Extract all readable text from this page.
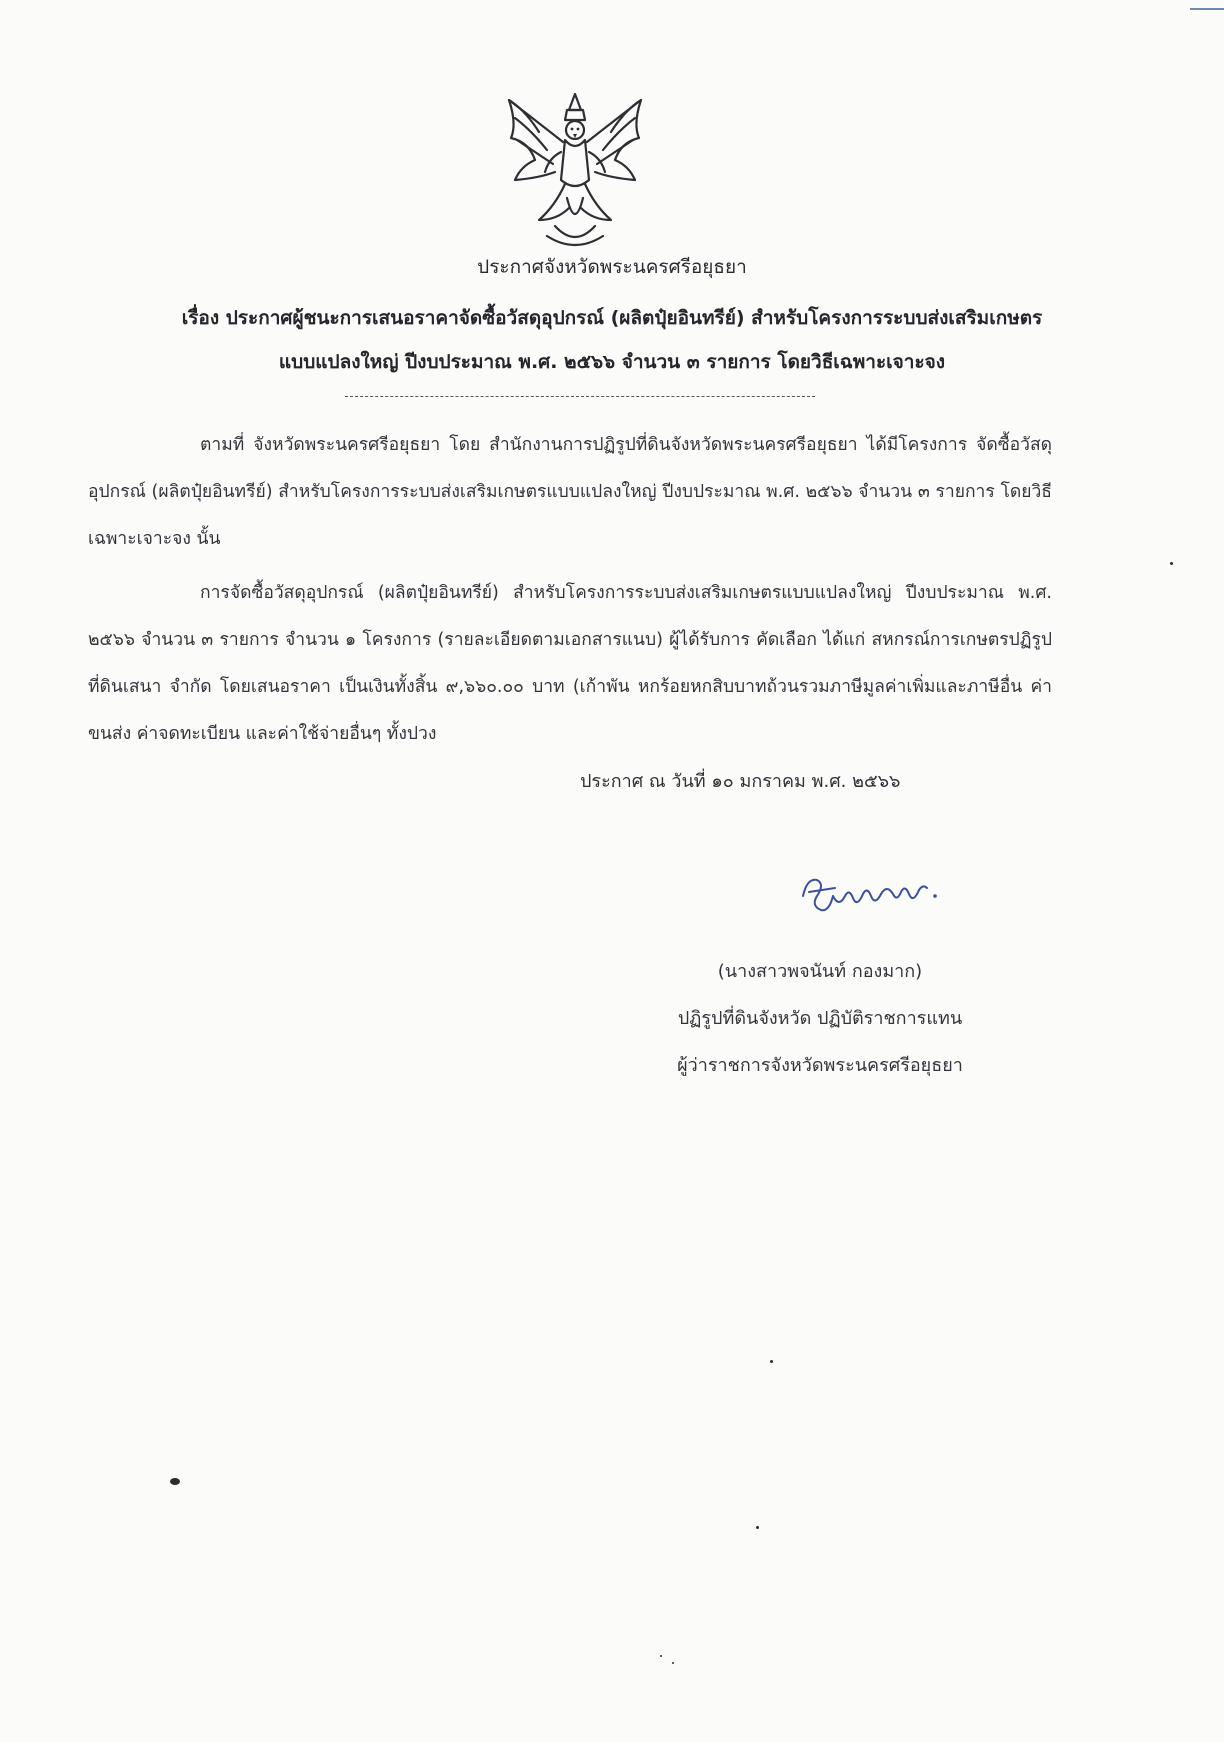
ประกาศจังหวัดพระนครศรีอยุธยา
เรื่อง ประกาศผู้ชนะการเสนอราคาจัดซื้อวัสดุอุปกรณ์ (ผลิตปุ๋ยอินทรีย์) สำหรับโครงการระบบส่งเสริมเกษตร
แบบแปลงใหญ่ ปีงบประมาณ พ.ศ. ๒๕๖๖ จำนวน ๓ รายการ โดยวิธีเฉพาะเจาะจง
ตามที่ จังหวัดพระนครศรีอยุธยา โดย สำนักงานการปฏิรูปที่ดินจังหวัดพระนครศรีอยุธยา ได้มีโครงการ จัดซื้อวัสดุอุปกรณ์ (ผลิตปุ๋ยอินทรีย์) สำหรับโครงการระบบส่งเสริมเกษตรแบบแปลงใหญ่ ปีงบประมาณ พ.ศ. ๒๕๖๖ จำนวน ๓ รายการ โดยวิธีเฉพาะเจาะจง นั้น
การจัดซื้อวัสดุอุปกรณ์ (ผลิตปุ๋ยอินทรีย์) สำหรับโครงการระบบส่งเสริมเกษตรแบบแปลงใหญ่ ปีงบประมาณ พ.ศ. ๒๕๖๖ จำนวน ๓ รายการ จำนวน ๑ โครงการ (รายละเอียดตามเอกสารแนบ) ผู้ได้รับการ คัดเลือก ได้แก่ สหกรณ์การเกษตรปฏิรูปที่ดินเสนา จำกัด โดยเสนอราคา เป็นเงินทั้งสิ้น ๙,๖๖๐.๐๐ บาท (เก้าพัน หกร้อยหกสิบบาทถ้วนรวมภาษีมูลค่าเพิ่มและภาษีอื่น ค่าขนส่ง ค่าจดทะเบียน และค่าใช้จ่ายอื่นๆ ทั้งปวง
ประกาศ ณ วันที่ ๑๐ มกราคม พ.ศ. ๒๕๖๖
(นางสาวพจนันท์ กองมาก)
ปฏิรูปที่ดินจังหวัด ปฏิบัติราชการแทน
ผู้ว่าราชการจังหวัดพระนครศรีอยุธยา
